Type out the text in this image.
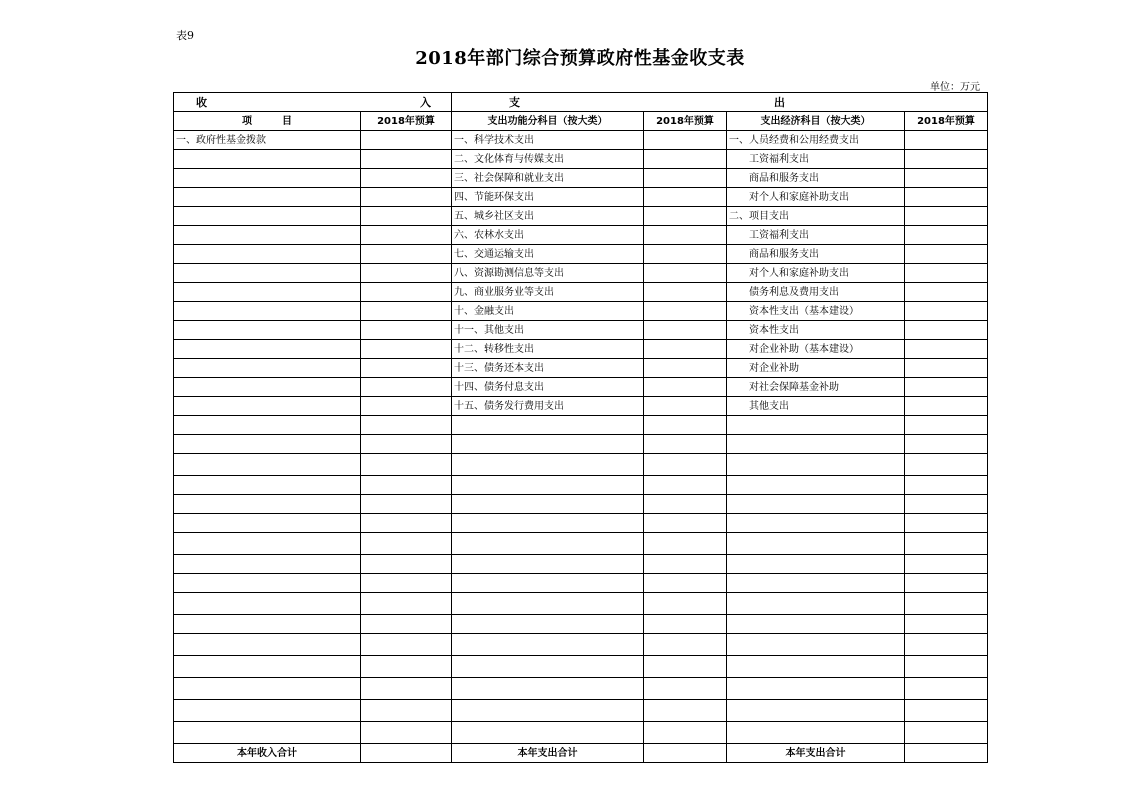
表9
2018年部门综合预算政府性基金收支表
单位：万元
收 入		支 出			

项　　　目	2018年预算	支出功能分科目（按大类）	2018年预算	支出经济科目（按大类）	2018年预算
一、政府性基金拨款		一、科学技术支出		一、人员经费和公用经费支出	
		二、文化体育与传媒支出		工资福利支出	
		三、社会保障和就业支出		商品和服务支出	
		四、节能环保支出		对个人和家庭补助支出	
		五、城乡社区支出		二、项目支出	
		六、农林水支出		工资福利支出	
		七、交通运输支出		商品和服务支出	
		八、资源勘测信息等支出		对个人和家庭补助支出	
		九、商业服务业等支出		债务利息及费用支出	
		十、金融支出		资本性支出（基本建设）	
		十一、其他支出		资本性支出	
		十二、转移性支出		对企业补助（基本建设）	
		十三、债务还本支出		对企业补助	
		十四、债务付息支出		对社会保障基金补助	
		十五、债务发行费用支出		其他支出	

本年收入合计		本年支出合计		本年支出合计	
